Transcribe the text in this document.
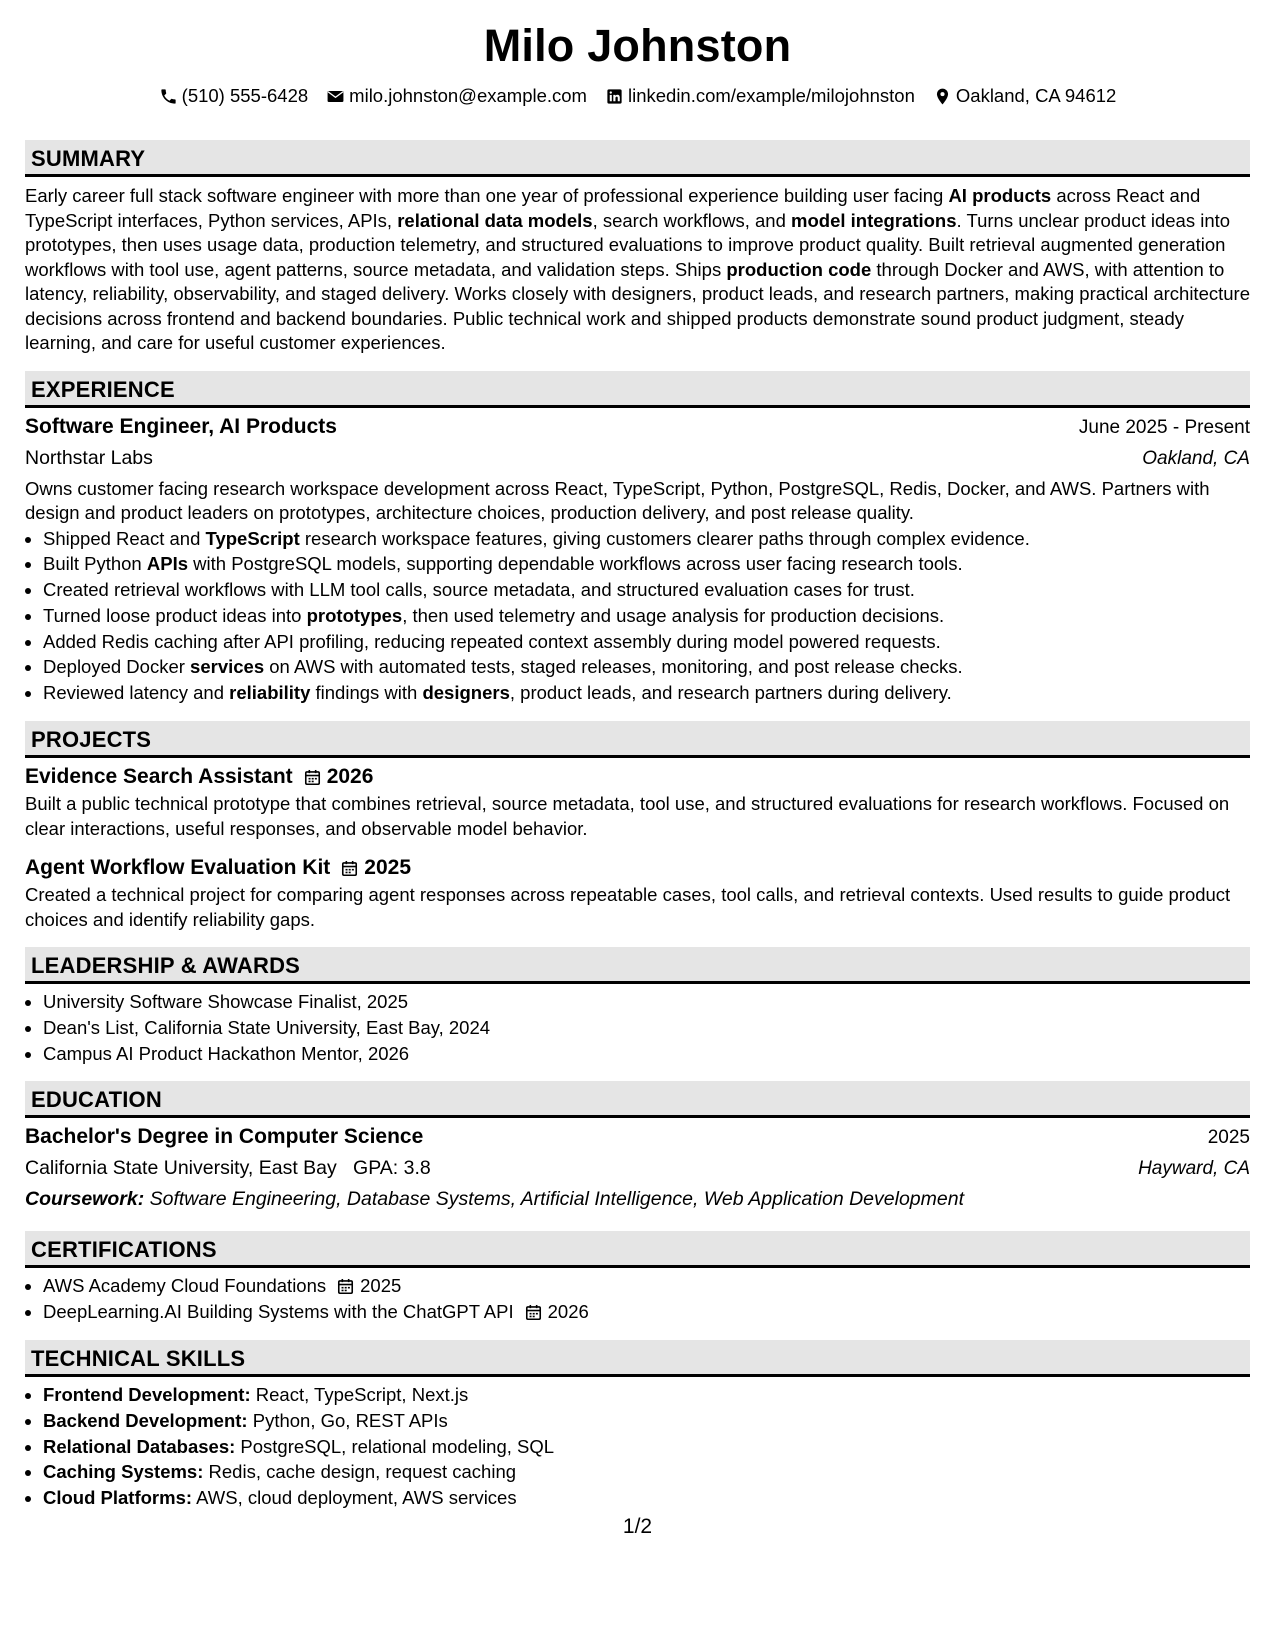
Milo Johnston
(510) 555-6428 milo.johnston@example.com linkedin.com/example/milojohnston Oakland, CA 94612
SUMMARY

Early career full stack software engineer with more than one year of professional experience building user facing AI products across React and TypeScript interfaces, Python services, APIs, relational data models, search workflows, and model integrations. Turns unclear product ideas into prototypes, then uses usage data, production telemetry, and structured evaluations to improve product quality. Built retrieval augmented generation workflows with tool use, agent patterns, source metadata, and validation steps. Ships production code through Docker and AWS, with attention to latency, reliability, observability, and staged delivery. Works closely with designers, product leads, and research partners, making practical architecture decisions across frontend and backend boundaries. Public technical work and shipped products demonstrate sound product judgment, steady learning, and care for useful customer experiences.

EXPERIENCE
Software Engineer, AI Products	June 2025 - Present
Northstar Labs	Oakland, CA

Owns customer facing research workspace development across React, TypeScript, Python, PostgreSQL, Redis, Docker, and AWS. Partners with design and product leaders on prototypes, architecture choices, production delivery, and post release quality.

• Shipped React and TypeScript research workspace features, giving customers clearer paths through complex evidence.
• Built Python APIs with PostgreSQL models, supporting dependable workflows across user facing research tools.
• Created retrieval workflows with LLM tool calls, source metadata, and structured evaluation cases for trust.
• Turned loose product ideas into prototypes, then used telemetry and usage analysis for production decisions.
• Added Redis caching after API profiling, reducing repeated context assembly during model powered requests.
• Deployed Docker services on AWS with automated tests, staged releases, monitoring, and post release checks.
• Reviewed latency and reliability findings with designers, product leads, and research partners during delivery.
PROJECTS
Evidence Search Assistant 2026

Built a public technical prototype that combines retrieval, source metadata, tool use, and structured evaluations for research workflows. Focused on clear interactions, useful responses, and observable model behavior.

Agent Workflow Evaluation Kit 2025

Created a technical project for comparing agent responses across repeatable cases, tool calls, and retrieval contexts. Used results to guide product choices and identify reliability gaps.

LEADERSHIP & AWARDS
• University Software Showcase Finalist, 2025
• Dean's List, California State University, East Bay, 2024
• Campus AI Product Hackathon Mentor, 2026
EDUCATION
Bachelor's Degree in Computer Science	2025
California State University, East Bay GPA: 3.8	Hayward, CA
Coursework: Software Engineering, Database Systems, Artificial Intelligence, Web Application Development
CERTIFICATIONS
• AWS Academy Cloud Foundations 2025
• DeepLearning.AI Building Systems with the ChatGPT API 2026
TECHNICAL SKILLS
• Frontend Development: React, TypeScript, Next.js
• Backend Development: Python, Go, REST APIs
• Relational Databases: PostgreSQL, relational modeling, SQL
• Caching Systems: Redis, cache design, request caching
• Cloud Platforms: AWS, cloud deployment, AWS services
1/2
